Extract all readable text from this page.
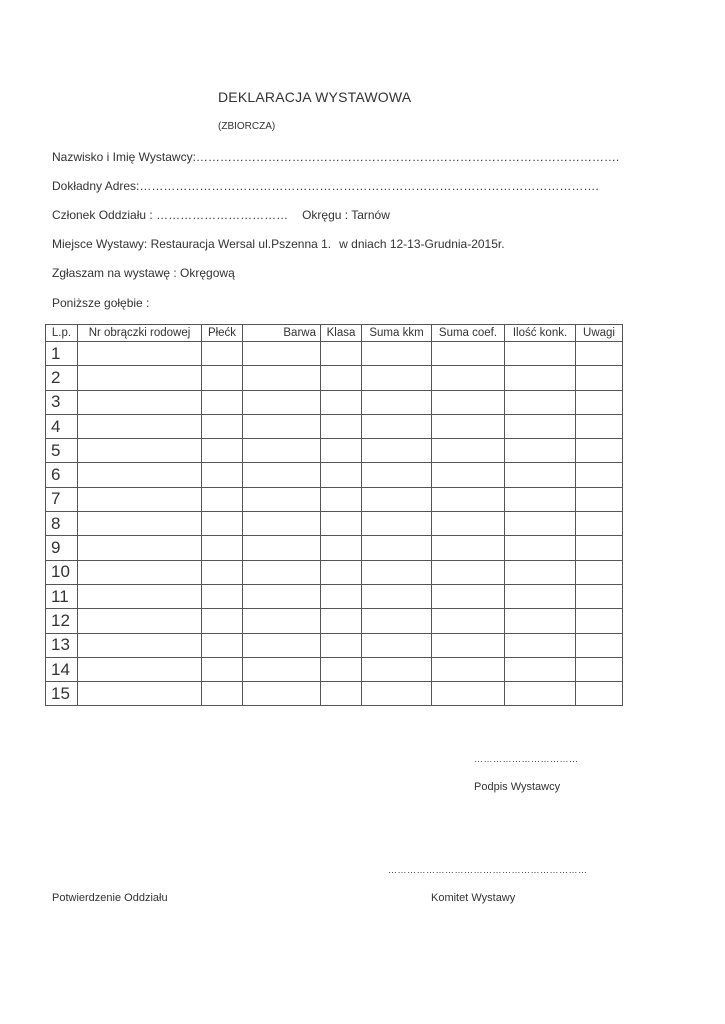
DEKLARACJA WYSTAWOWA
(ZBIORCZA)
Nazwisko i Imię Wystawcy:…………………………………………………………………………………………….
Dokładny Adres:…………………………………………………………………………………………………….
Członek Oddziału : …………………………… Okręgu : Tarnów
Miejsce Wystawy: Restauracja Wersal ul.Pszenna 1. w dniach 12-13-Grudnia-2015r.
Zgłaszam na wystawę : Okręgową
Poniższe gołębie :
L.p.	Nr obrączki rodowej	Płećk	Barwa	Klasa	Suma kkm	Suma coef.	Ilość konk.	Uwagi
1								
2								
3								
4								
5								
6								
7								
8								
9								
10								
11								
12								
13								
14								
15								
……………………………
Podpis Wystawcy
………………………………………………………
Potwierdzenie Oddziału	Komitet Wystawy
